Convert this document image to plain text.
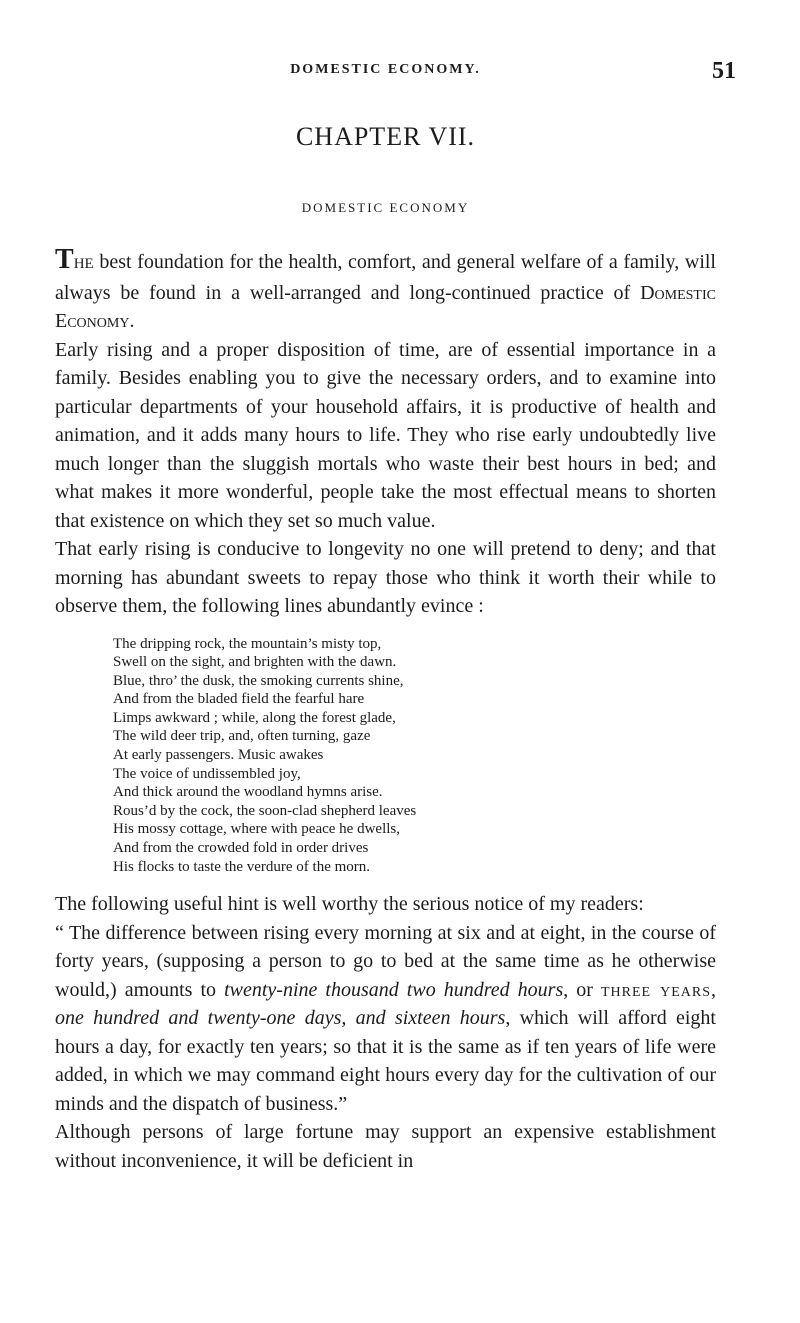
DOMESTIC ECONOMY.	51
CHAPTER VII.
DOMESTIC ECONOMY

THE best foundation for the health, comfort, and general welfare of a family, will always be found in a well-arranged and long-continued practice of Domestic Economy.

Early rising and a proper disposition of time, are of essential importance in a family. Besides enabling you to give the necessary orders, and to examine into particular departments of your household affairs, it is productive of health and animation, and it adds many hours to life. They who rise early undoubtedly live much longer than the sluggish mortals who waste their best hours in bed; and what makes it more wonderful, people take the most effectual means to shorten that existence on which they set so much value.

That early rising is conducive to longevity no one will pretend to deny; and that morning has abundant sweets to repay those who think it worth their while to observe them, the following lines abundantly evince :

The dripping rock, the mountain’s misty top,
Swell on the sight, and brighten with the dawn.
Blue, thro’ the dusk, the smoking currents shine,
And from the bladed field the fearful hare
Limps awkward ; while, along the forest glade,
The wild deer trip, and, often turning, gaze
At early passengers. Music awakes
The voice of undissembled joy,
And thick around the woodland hymns arise.
Rous’d by the cock, the soon-clad shepherd leaves
His mossy cottage, where with peace he dwells,
And from the crowded fold in order drives
His flocks to taste the verdure of the morn.

The following useful hint is well worthy the serious notice of my readers:

“ The difference between rising every morning at six and at eight, in the course of forty years, (supposing a person to go to bed at the same time as he otherwise would,) amounts to twenty-nine thousand two hundred hours, or three years, one hundred and twenty-one days, and sixteen hours, which will afford eight hours a day, for exactly ten years; so that it is the same as if ten years of life were added, in which we may command eight hours every day for the cultivation of our minds and the dispatch of business.”

Although persons of large fortune may support an expensive establishment without inconvenience, it will be deficient in
